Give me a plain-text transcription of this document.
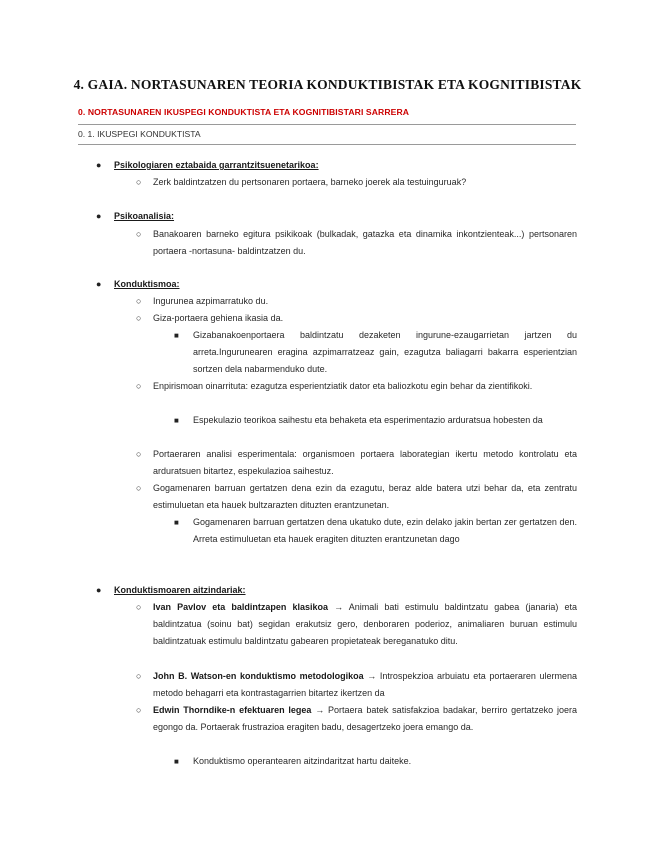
4. GAIA. NORTASUNAREN TEORIA KONDUKTIBISTAK ETA KOGNITIBISTAK
0. NORTASUNAREN IKUSPEGI KONDUKTISTA ETA KOGNITIBISTARI SARRERA
0. 1. IKUSPEGI KONDUKTISTA
● Psikologiaren eztabaida garrantzitsuenetarikoa:
○ Zerk baldintzatzen du pertsonaren portaera, barneko joerek ala testuinguruak?
● Psikoanalisia:
○ Banakoaren barneko egitura psikikoak (bulkadak, gatazka eta dinamika inkontzienteak...) pertsonaren portaera -nortasuna- baldintzatzen du.
● Konduktismoa:
○ Ingurunea azpimarratuko du.
○ Giza-portaera gehiena ikasia da.
■ Gizabanakoenportaera baldintzatu dezaketen ingurune-ezaugarrietan jartzen du arreta.Ingurunearen eragina azpimarratzeaz gain, ezagutza baliagarri bakarra esperientzian sortzen dela nabarmenduko dute.
○ Enpirismoan oinarrituta: ezagutza esperientziatik dator eta baliozkotu egin behar da zientifikoki.
■ Espekulazio teorikoa saihestu eta behaketa eta esperimentazio arduratsua hobesten da
○ Portaeraren analisi esperimentala: organismoen portaera laborategian ikertu metodo kontrolatu eta arduratsuen bitartez, espekulazioa saihestuz.
○ Gogamenaren barruan gertatzen dena ezin da ezagutu, beraz alde batera utzi behar da, eta zentratu estimuluetan eta hauek bultzarazten dituzten erantzunetan.
■ Gogamenaren barruan gertatzen dena ukatuko dute, ezin delako jakin bertan zer gertatzen den. Arreta estimuluetan eta hauek eragiten dituzten erantzunetan dago
● Konduktismoaren aitzindariak:
○ Ivan Pavlov eta baldintzapen klasikoa → Animali bati estimulu baldintzatu gabea (janaria) eta baldintzatua (soinu bat) segidan erakutsiz gero, denboraren poderioz, animaliaren buruan estimulu baldintzatuak estimulu baldintzatu gabearen propietateak bereganatuko ditu.
○ John B. Watson-en konduktismo metodologikoa → Introspekzioa arbuiatu eta portaeraren ulermena metodo behagarri eta kontrastagarrien bitartez ikertzen da
○ Edwin Thorndike-n efektuaren legea → Portaera batek satisfakzioa badakar, berriro gertatzeko joera egongo da. Portaerak frustrazioa eragiten badu, desagertzeko joera emango da.
■ Konduktismo operantearen aitzindaritzat hartu daiteke.
